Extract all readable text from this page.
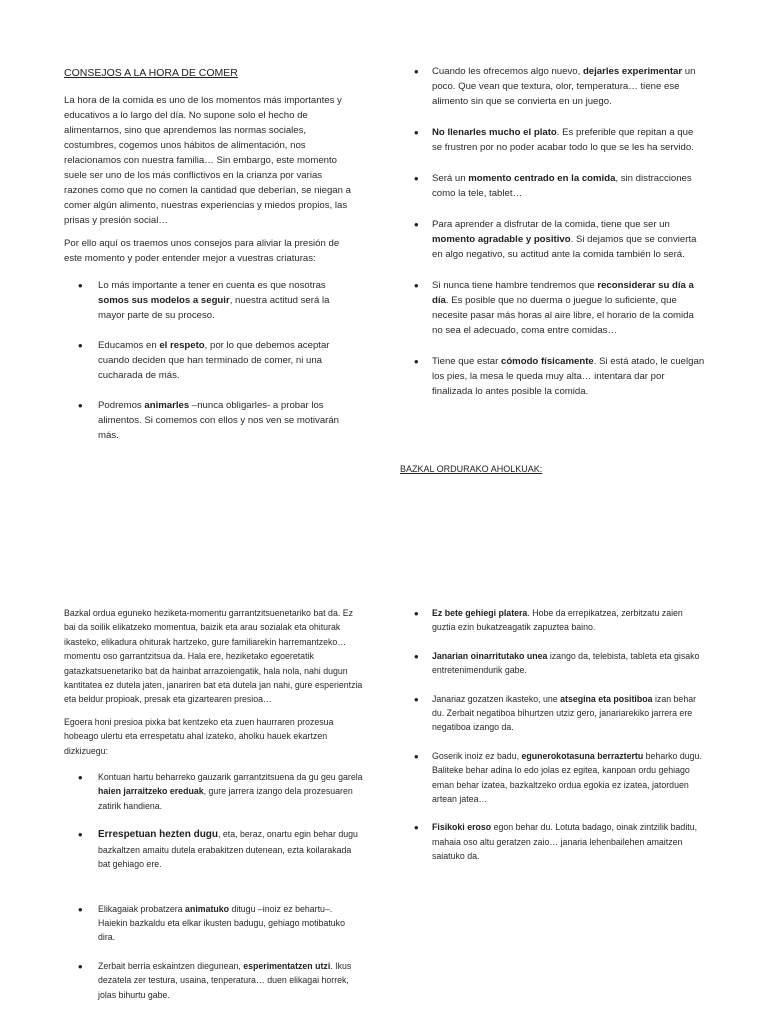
CONSEJOS A LA HORA DE COMER

La hora de la comida es uno de los momentos más importantes y educativos a lo largo del día. No supone solo el hecho de alimentarnos, sino que aprendemos las normas sociales, costumbres, cogemos unos hábitos de alimentación, nos relacionamos con nuestra familia… Sin embargo, este momento suele ser uno de los más conflictivos en la crianza por varias razones como que no comen la cantidad que deberían, se niegan a comer algún alimento, nuestras experiencias y miedos propios, las prisas y presión social…

Por ello aquí os traemos unos consejos para aliviar la presión de este momento y poder entender mejor a vuestras criaturas:

• Lo más importante a tener en cuenta es que nosotras somos sus modelos a seguir, nuestra actitud será la mayor parte de su proceso.
• Educamos en el respeto, por lo que debemos aceptar cuando deciden que han terminado de comer, ni una cucharada de más.
• Podremos animarles –nunca obligarles- a probar los alimentos. Si comemos con ellos y nos ven se motivarán más.
• Cuando les ofrecemos algo nuevo, dejarles experimentar un poco. Que vean que textura, olor, temperatura… tiene ese alimento sin que se convierta en un juego.
• No llenarles mucho el plato. Es preferible que repitan a que se frustren por no poder acabar todo lo que se les ha servido.
• Será un momento centrado en la comida, sin distracciones como la tele, tablet…
• Para aprender a disfrutar de la comida, tiene que ser un momento agradable y positivo. Si dejamos que se convierta en algo negativo, su actitud ante la comida también lo será.
• Si nunca tiene hambre tendremos que reconsiderar su día a día. Es posible que no duerma o juegue lo suficiente, que necesite pasar más horas al aire libre, el horario de la comida no sea el adecuado, coma entre comidas…
• Tiene que estar cómodo físicamente. Si está atado, le cuelgan los pies, la mesa le queda muy alta… intentara dar por finalizada lo antes posible la comida.

BAZKAL ORDURAKO AHOLKUAK:

Bazkal ordua eguneko heziketa-momentu garrantzitsuenetariko bat da. Ez bai da soilik elikatzeko momentua, baizik eta arau sozialak eta ohiturak ikasteko, elikadura ohiturak hartzeko, gure familiarekin harremantzeko… momentu oso garrantzitsua da. Hala ere, heziketako egoeretatik gatazkatsuenetariko bat da hainbat arrazoiengatik, hala nola, nahi dugun kantitatea ez dutela jaten, janariren bat eta dutela jan nahi, gure esperientzia eta beldur propioak, presak eta gizartearen presioa…

Egoera honi presioa pixka bat kentzeko eta zuen haurraren prozesua hobeago ulertu eta errespetatu ahal izateko, aholku hauek ekartzen dizkizuegu:

• Kontuan hartu beharreko gauzarik garrantzitsuena da gu geu garela haien jarraitzeko ereduak, gure jarrera izango dela prozesuaren zatirik handiena.
• Errespetuan hezten dugu, eta, beraz, onartu egin behar dugu bazkaltzen amaitu dutela erabakitzen dutenean, ezta koilarakada bat gehiago ere.
• Elikagaiak probatzera animatuko ditugu –inoiz ez behartu–. Haiekin bazkaldu eta elkar ikusten badugu, gehiago motibatuko dira.
• Zerbait berria eskaintzen diegunean, esperimentatzen utzi. Ikus dezatela zer testura, usaina, tenperatura… duen elikagai horrek, jolas bihurtu gabe.
• Ez bete gehiegi platera. Hobe da errepikatzea, zerbitzatu zaien guztia ezin bukatzeagatik zapuztea baino.
• Janarian oinarritutako unea izango da, telebista, tableta eta gisako entretenimendurik gabe.
• Janariaz gozatzen ikasteko, une atsegina eta positiboa izan behar du. Zerbait negatiboa bihurtzen utziz gero, janariarekiko jarrera ere negatiboa izango da.
• Goserik inoiz ez badu, egunerokotasuna berraztertu beharko dugu. Baliteke behar adina lo edo jolas ez egitea, kanpoan ordu gehiago eman behar izatea, bazkaltzeko ordua egokia ez izatea, jatorduen artean jatea…
• Fisikoki eroso egon behar du. Lotuta badago, oinak zintzilik baditu, mahaia oso altu geratzen zaio… janaria lehenbailehen amaitzen saiatuko da.
